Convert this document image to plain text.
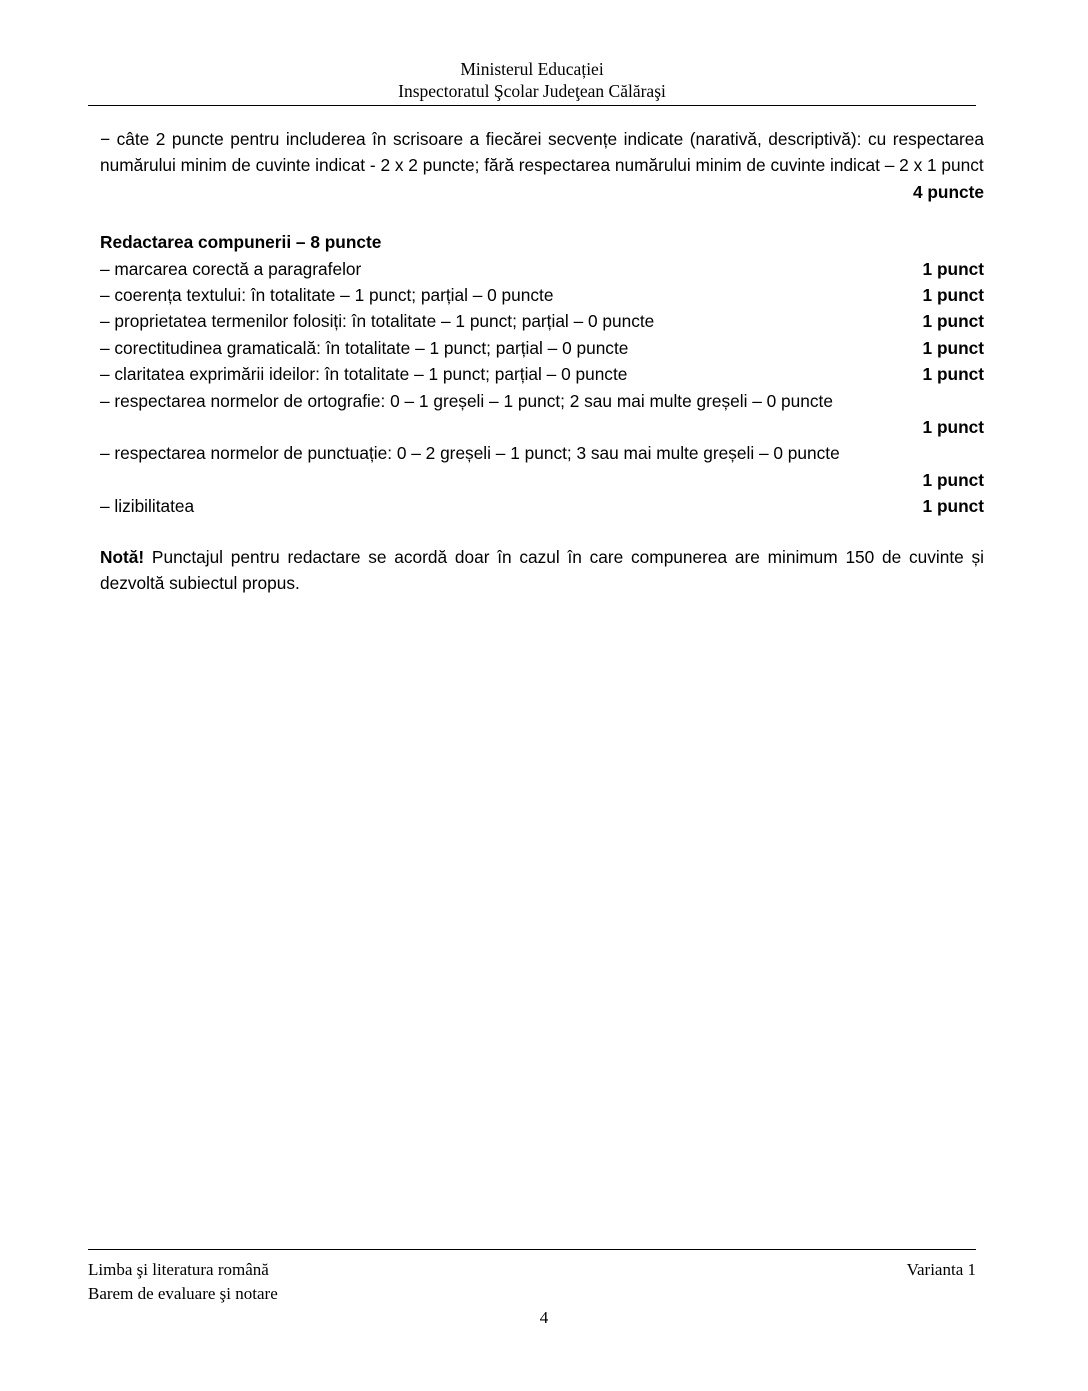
Ministerul Educației
Inspectoratul Şcolar Judeţean Călăraşi

− câte 2 puncte pentru includerea în scrisoare a fiecărei secvențe indicate (narativă, descriptivă): cu respectarea numărului minim de cuvinte indicat - 2 x 2 puncte; fără respectarea numărului minim de cuvinte indicat – 2 x 1 punct

4 puncte

Redactarea compunerii – 8 puncte

– marcarea corectă a paragrafelor	1 punct
– coerența textului: în totalitate – 1 punct; parțial – 0 puncte	1 punct
– proprietatea termenilor folosiți: în totalitate – 1 punct; parțial – 0 puncte	1 punct
– corectitudinea gramaticală: în totalitate – 1 punct; parțial – 0 puncte	1 punct
– claritatea exprimării ideilor: în totalitate – 1 punct; parțial – 0 puncte	1 punct

– respectarea normelor de ortografie: 0 – 1 greșeli – 1 punct; 2 sau mai multe greșeli – 0 puncte

1 punct

– respectarea normelor de punctuație: 0 – 2 greșeli – 1 punct; 3 sau mai multe greșeli – 0 puncte

1 punct
– lizibilitatea	1 punct

Notă! Punctajul pentru redactare se acordă doar în cazul în care compunerea are minimum 150 de cuvinte și dezvoltă subiectul propus.

Limba şi literatura română
Barem de evaluare şi notare
Varianta 1
4
